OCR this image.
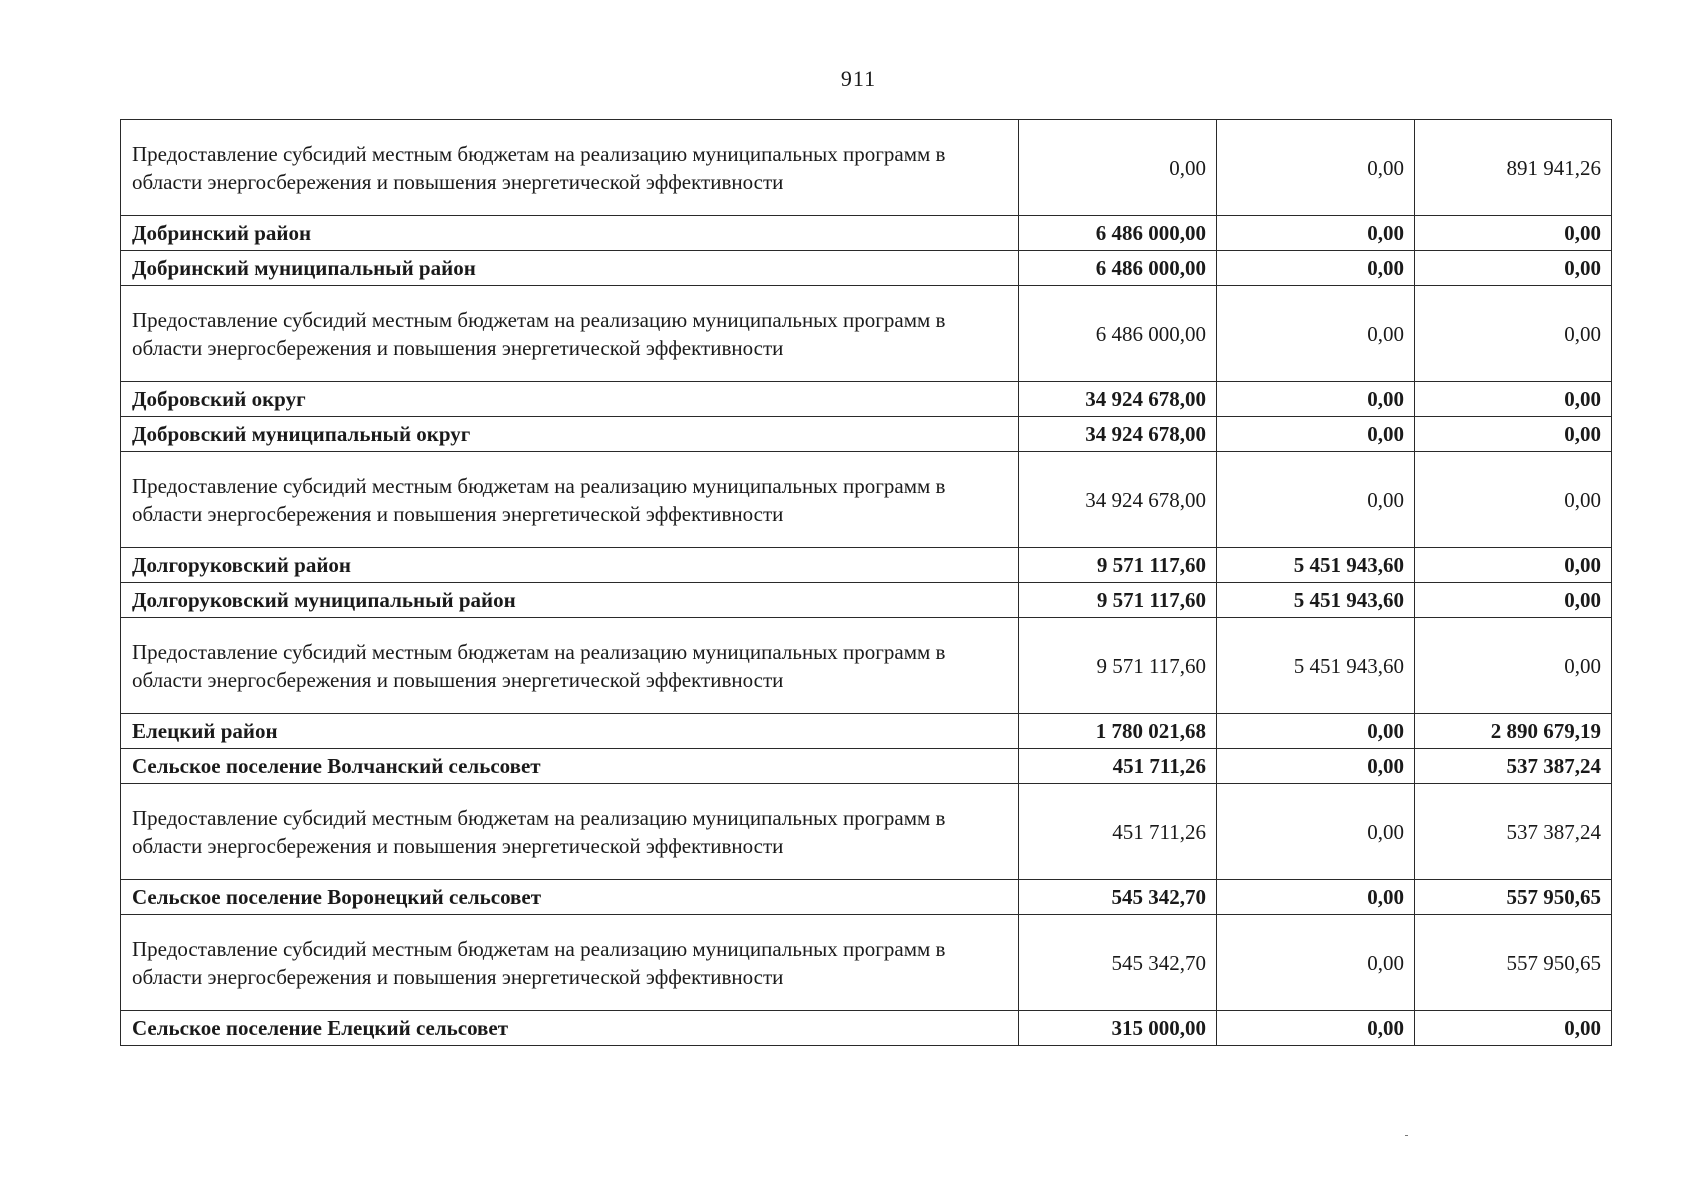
911
Предоставление субсидий местным бюджетам на реализацию муниципальных программ в области энергосбережения и повышения энергетической эффективности	0,00	0,00	891 941,26
Добринский район	6 486 000,00	0,00	0,00
Добринский муниципальный район	6 486 000,00	0,00	0,00
Предоставление субсидий местным бюджетам на реализацию муниципальных программ в области энергосбережения и повышения энергетической эффективности	6 486 000,00	0,00	0,00
Добровский округ	34 924 678,00	0,00	0,00
Добровский муниципальный округ	34 924 678,00	0,00	0,00
Предоставление субсидий местным бюджетам на реализацию муниципальных программ в области энергосбережения и повышения энергетической эффективности	34 924 678,00	0,00	0,00
Долгоруковский район	9 571 117,60	5 451 943,60	0,00
Долгоруковский муниципальный район	9 571 117,60	5 451 943,60	0,00
Предоставление субсидий местным бюджетам на реализацию муниципальных программ в области энергосбережения и повышения энергетической эффективности	9 571 117,60	5 451 943,60	0,00
Елецкий район	1 780 021,68	0,00	2 890 679,19
Сельское поселение Волчанский сельсовет	451 711,26	0,00	537 387,24
Предоставление субсидий местным бюджетам на реализацию муниципальных программ в области энергосбережения и повышения энергетической эффективности	451 711,26	0,00	537 387,24
Сельское поселение Воронецкий сельсовет	545 342,70	0,00	557 950,65
Предоставление субсидий местным бюджетам на реализацию муниципальных программ в области энергосбережения и повышения энергетической эффективности	545 342,70	0,00	557 950,65
Сельское поселение Елецкий сельсовет	315 000,00	0,00	0,00
